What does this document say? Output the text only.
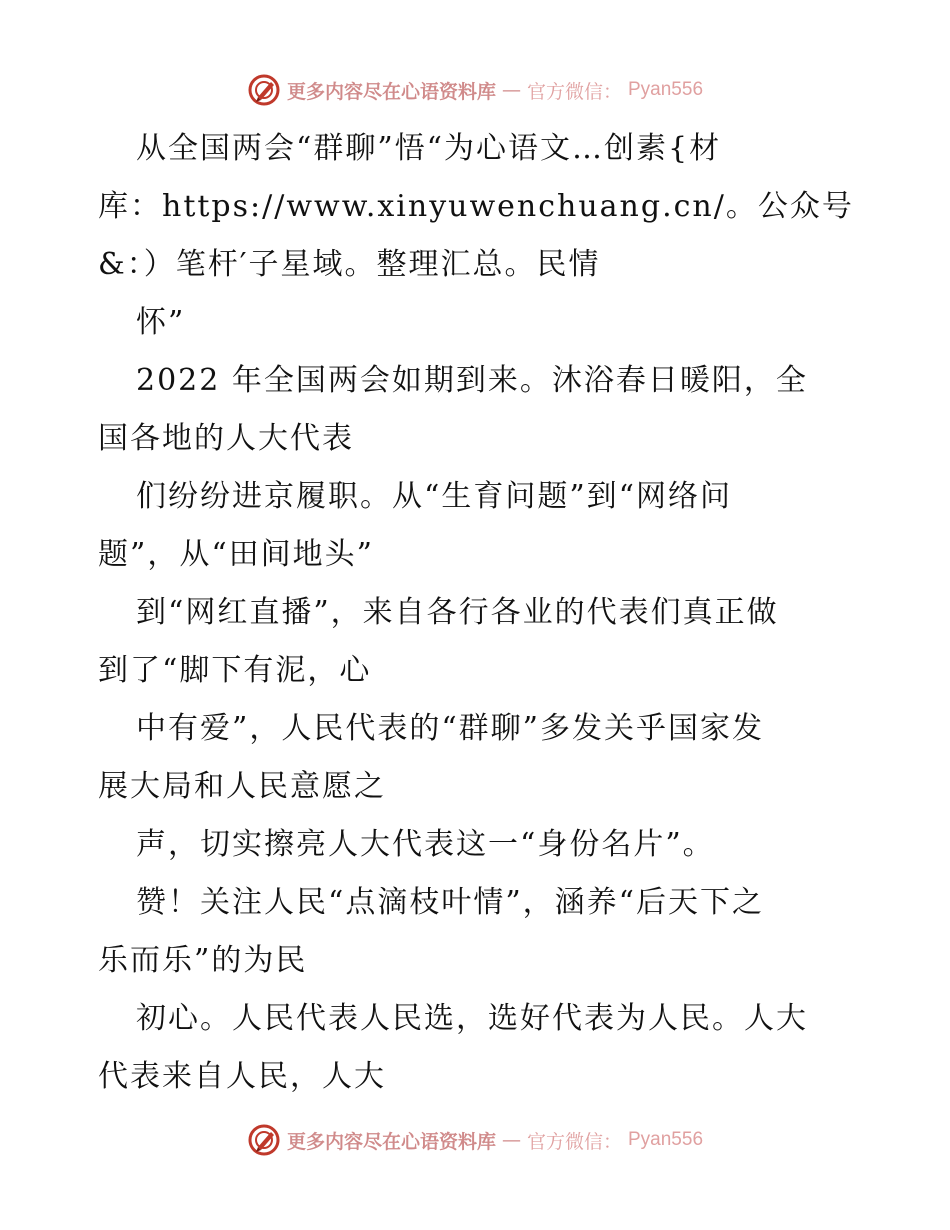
更多内容尽在心语资料库 — 官方微信： Pyan556
从全国两会“群聊”悟“为心语文…创素{材
库：https://www.xinyuwenchuang.cn/。公众号
&：）笔杆′子星域。整理汇总。民情
怀”
2022 年全国两会如期到来。沐浴春日暖阳，全
国各地的人大代表
们纷纷进京履职。从“生育问题”到“网络问
题”，从“田间地头”
到“网红直播”，来自各行各业的代表们真正做
到了“脚下有泥，心
中有爱”，人民代表的“群聊”多发关乎国家发
展大局和人民意愿之
声，切实擦亮人大代表这一“身份名片”。
赞！关注人民“点滴枝叶情”，涵养“后天下之
乐而乐”的为民
初心。人民代表人民选，选好代表为人民。人大
代表来自人民，人大
更多内容尽在心语资料库 — 官方微信： Pyan556
